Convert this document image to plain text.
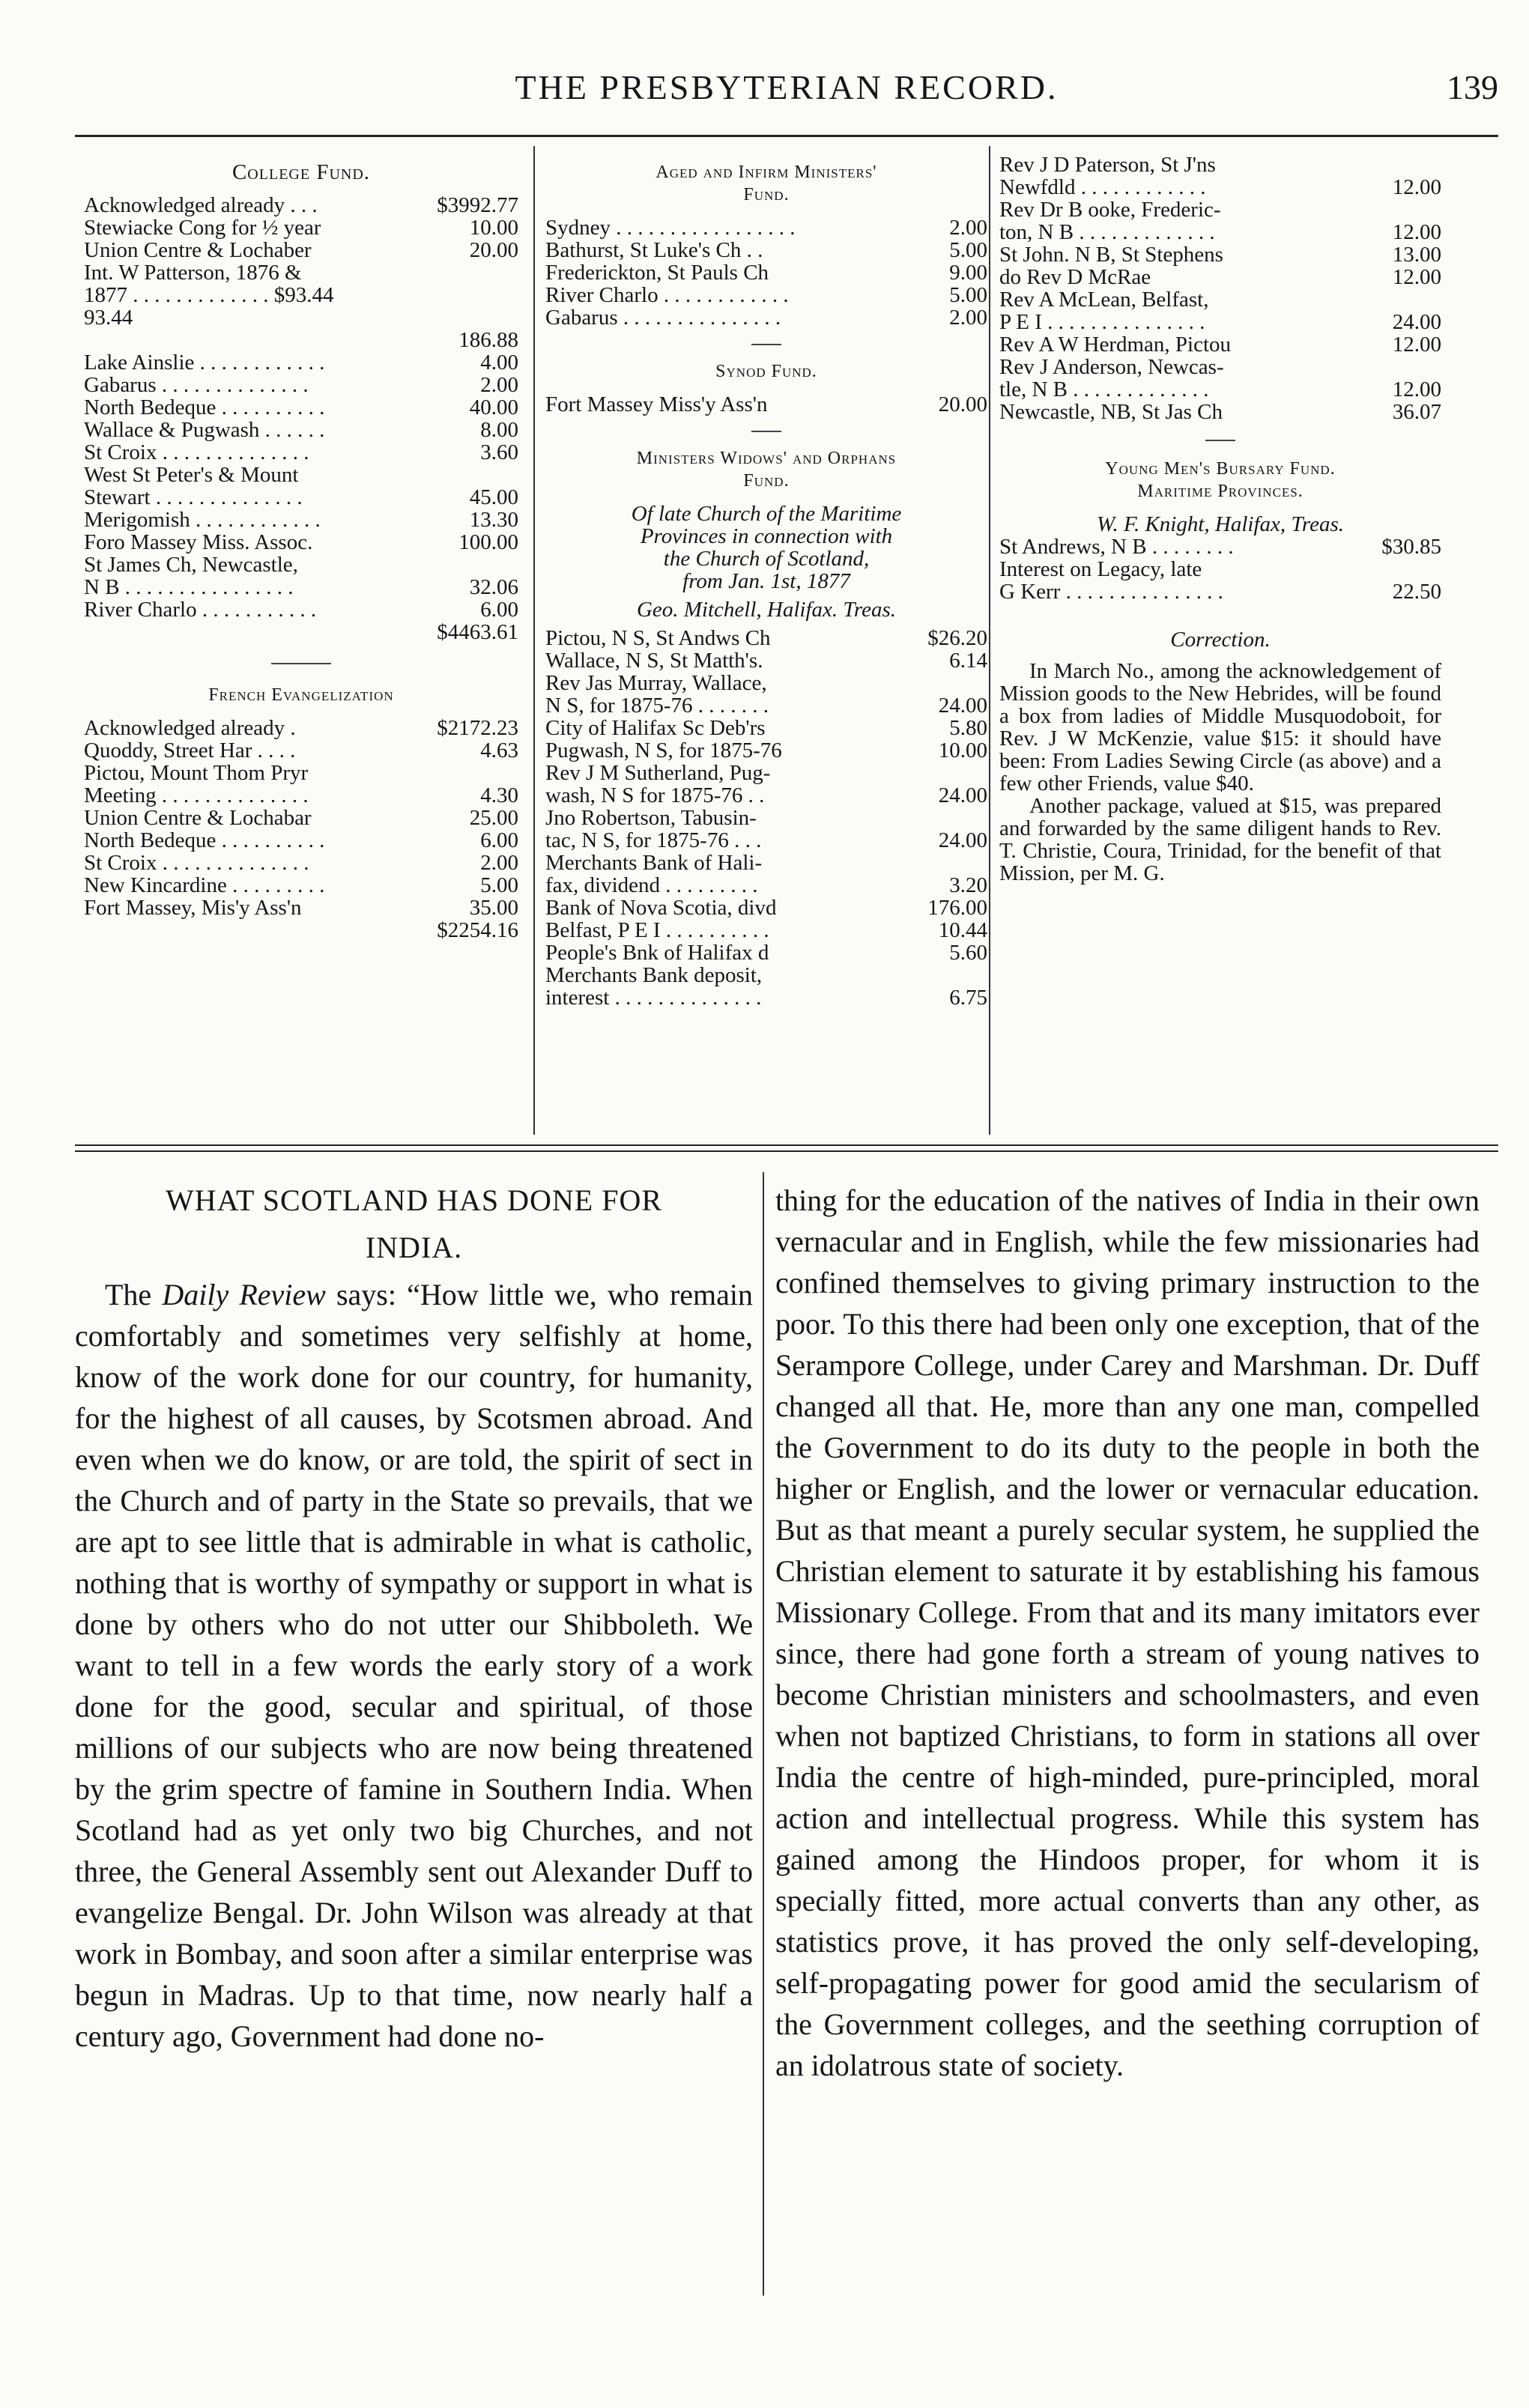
THE PRESBYTERIAN RECORD.	139
College Fund.
Acknowledged already . . .	$3992.77
Stewiacke Cong for ½ year	10.00
Union Centre & Lochaber	20.00
Int. W Patterson, 1876 &
1877 . . . . . . . . . . . . . $93.44
93.44
186.88
Lake Ainslie . . . . . . . . . . . .	4.00
Gabarus . . . . . . . . . . . . . .	2.00
North Bedeque . . . . . . . . . .	40.00
Wallace & Pugwash . . . . . .	8.00
St Croix . . . . . . . . . . . . . .	3.60
West St Peter's & Mount
Stewart . . . . . . . . . . . . . .	45.00
Merigomish . . . . . . . . . . . .	13.30
Foro Massey Miss. Assoc.	100.00
St James Ch, Newcastle,
N B . . . . . . . . . . . . . . . .	32.06
River Charlo . . . . . . . . . . .	6.00
$4463.61
French Evangelization
Acknowledged already .	$2172.23
Quoddy, Street Har . . . .	4.63
Pictou, Mount Thom Pryr
Meeting . . . . . . . . . . . . . .	4.30
Union Centre & Lochabar	25.00
North Bedeque . . . . . . . . . .	6.00
St Croix . . . . . . . . . . . . . .	2.00
New Kincardine . . . . . . . . .	5.00
Fort Massey, Mis'y Ass'n	35.00
$2254.16
Aged and Infirm Ministers'
Fund.
Sydney . . . . . . . . . . . . . . . . .	2.00
Bathurst, St Luke's Ch . .	5.00
Frederickton, St Pauls Ch	9.00
River Charlo . . . . . . . . . . . .	5.00
Gabarus . . . . . . . . . . . . . . .	2.00
Synod Fund.
Fort Massey Miss'y Ass'n	20.00
Ministers Widows' and Orphans
Fund.
Of late Church of the Maritime
Provinces in connection with
the Church of Scotland,
from Jan. 1st, 1877
Geo. Mitchell, Halifax. Treas.
Pictou, N S, St Andws Ch	$26.20
Wallace, N S, St Matth's.	6.14
Rev Jas Murray, Wallace,
N S, for 1875-76 . . . . . . .	24.00
City of Halifax Sc Deb'rs	5.80
Pugwash, N S, for 1875-76	10.00
Rev J M Sutherland, Pug-
wash, N S for 1875-76 . .	24.00
Jno Robertson, Tabusin-
tac, N S, for 1875-76 . . .	24.00
Merchants Bank of Hali-
fax, dividend . . . . . . . . .	3.20
Bank of Nova Scotia, divd	176.00
Belfast, P E I . . . . . . . . . .	10.44
People's Bnk of Halifax d	5.60
Merchants Bank deposit,
interest . . . . . . . . . . . . . .	6.75
Rev J D Paterson, St J'ns
Newfdld . . . . . . . . . . . .	12.00
Rev Dr B ooke, Frederic-
ton, N B . . . . . . . . . . . . .	12.00
St John. N B, St Stephens	13.00
do Rev D McRae	12.00
Rev A McLean, Belfast,
P E I . . . . . . . . . . . . . . .	24.00
Rev A W Herdman, Pictou	12.00
Rev J Anderson, Newcas-
tle, N B . . . . . . . . . . . . .	12.00
Newcastle, NB, St Jas Ch	36.07
Young Men's Bursary Fund.
Maritime Provinces.
W. F. Knight, Halifax, Treas.
St Andrews, N B . . . . . . . .	$30.85
Interest on Legacy, late
G Kerr . . . . . . . . . . . . . . .	22.50
Correction.
In March No., among the acknowledgement of Mission goods to the New Hebrides, will be found a box from ladies of Middle Musquodoboit, for Rev. J W McKenzie, value $15: it should have been: From Ladies Sewing Circle (as above) and a few other Friends, value $40.
Another package, valued at $15, was prepared and forwarded by the same diligent hands to Rev. T. Christie, Coura, Trinidad, for the benefit of that Mission, per M. G.
WHAT SCOTLAND HAS DONE FOR
INDIA.
The Daily Review says: “How little we, who remain comfortably and sometimes very selfishly at home, know of the work done for our country, for humanity, for the highest of all causes, by Scotsmen abroad. And even when we do know, or are told, the spirit of sect in the Church and of party in the State so prevails, that we are apt to see little that is admirable in what is catholic, nothing that is worthy of sympathy or support in what is done by others who do not utter our Shibboleth. We want to tell in a few words the early story of a work done for the good, secular and spiritual, of those millions of our subjects who are now being threatened by the grim spectre of famine in Southern India. When Scotland had as yet only two big Churches, and not three, the General Assembly sent out Alexander Duff to evangelize Bengal. Dr. John Wilson was already at that work in Bombay, and soon after a similar enterprise was begun in Madras. Up to that time, now nearly half a century ago, Government had done no-
thing for the education of the natives of India in their own vernacular and in English, while the few missionaries had confined themselves to giving primary instruction to the poor. To this there had been only one exception, that of the Serampore College, under Carey and Marshman. Dr. Duff changed all that. He, more than any one man, compelled the Government to do its duty to the people in both the higher or English, and the lower or vernacular education. But as that meant a purely secular system, he supplied the Christian element to saturate it by establishing his famous Missionary College. From that and its many imitators ever since, there had gone forth a stream of young natives to become Christian ministers and schoolmasters, and even when not baptized Christians, to form in stations all over India the centre of high-minded, pure-principled, moral action and intellectual progress. While this system has gained among the Hindoos proper, for whom it is specially fitted, more actual converts than any other, as statistics prove, it has proved the only self-developing, self-propagating power for good amid the secularism of the Government colleges, and the seething corruption of an idolatrous state of society.
